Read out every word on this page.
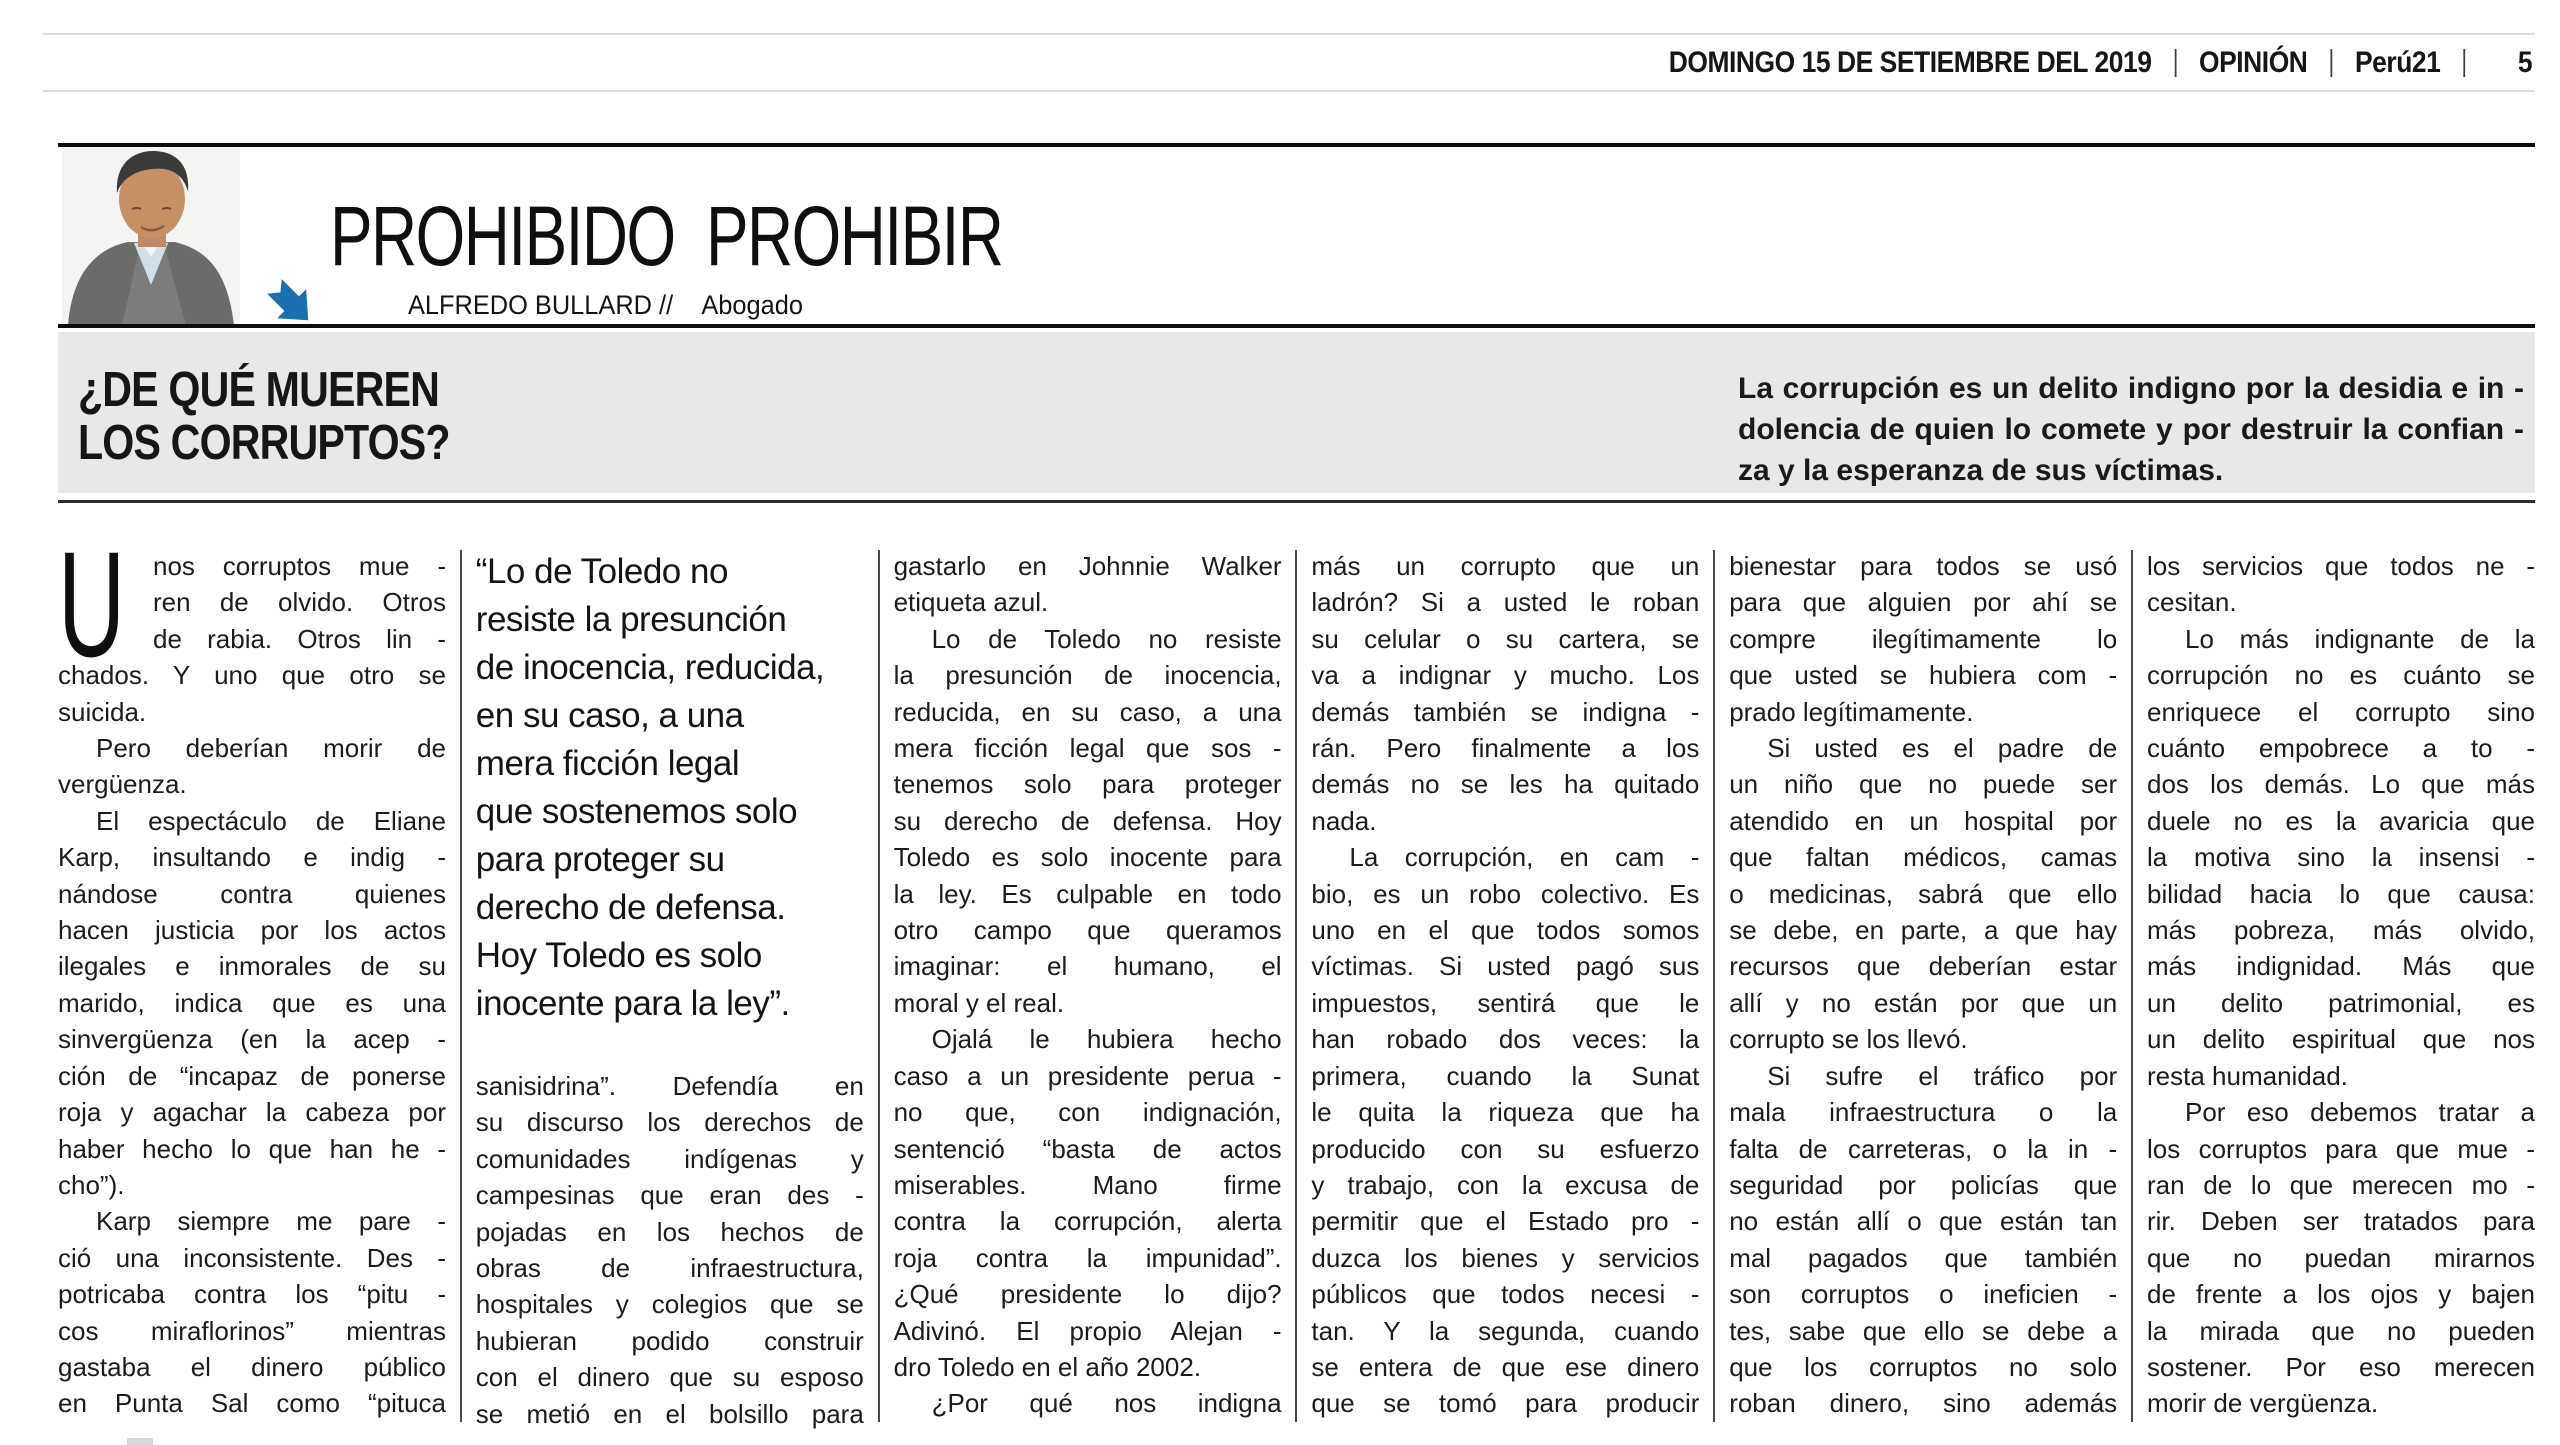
DOMINGO 15 DE SETIEMBRE DEL 2019 OPINIÓN Perú21	5
PROHIBIDO PROHIBIR
ALFREDO BULLARD // Abogado
¿DE QUÉ MUEREN
LOS CORRUPTOS?
La corrupción es un delito indigno por la desidia e in -
dolencia de quien lo comete y por destruir la confian -
za y la esperanza de sus víctimas.
U nos corruptos mue -
ren de olvido. Otros
de rabia. Otros lin -
chados. Y uno que otro se
suicida.
Pero deberían morir de
vergüenza.
El espectáculo de Eliane
Karp, insultando e indig -
nándose contra quienes
hacen justicia por los actos
ilegales e inmorales de su
marido, indica que es una
sinvergüenza (en la acep -
ción de “incapaz de ponerse
roja y agachar la cabeza por
haber hecho lo que han he -
cho”).
Karp siempre me pare -
ció una inconsistente. Des -
potricaba contra los “pitu -
cos miraflorinos” mientras
gastaba el dinero público
en Punta Sal como “pituca
“Lo de Toledo no
resiste la presunción
de inocencia, reducida,
en su caso, a una
mera ficción legal
que sostenemos solo
para proteger su
derecho de defensa.
Hoy Toledo es solo
inocente para la ley”.
sanisidrina”. Defendía en
su discurso los derechos de
comunidades indígenas y
campesinas que eran des -
pojadas en los hechos de
obras de infraestructura,
hospitales y colegios que se
hubieran podido construir
con el dinero que su esposo
se metió en el bolsillo para
gastarlo en Johnnie Walker
etiqueta azul.
Lo de Toledo no resiste
la presunción de inocencia,
reducida, en su caso, a una
mera ficción legal que sos -
tenemos solo para proteger
su derecho de defensa. Hoy
Toledo es solo inocente para
la ley. Es culpable en todo
otro campo que queramos
imaginar: el humano, el
moral y el real.
Ojalá le hubiera hecho
caso a un presidente perua -
no que, con indignación,
sentenció “basta de actos
miserables. Mano firme
contra la corrupción, alerta
roja contra la impunidad”.
¿Qué presidente lo dijo?
Adivinó. El propio Alejan -
dro Toledo en el año 2002.
¿Por qué nos indigna
más un corrupto que un
ladrón? Si a usted le roban
su celular o su cartera, se
va a indignar y mucho. Los
demás también se indigna -
rán. Pero finalmente a los
demás no se les ha quitado
nada.
La corrupción, en cam -
bio, es un robo colectivo. Es
uno en el que todos somos
víctimas. Si usted pagó sus
impuestos, sentirá que le
han robado dos veces: la
primera, cuando la Sunat
le quita la riqueza que ha
producido con su esfuerzo
y trabajo, con la excusa de
permitir que el Estado pro -
duzca los bienes y servicios
públicos que todos necesi -
tan. Y la segunda, cuando
se entera de que ese dinero
que se tomó para producir
bienestar para todos se usó
para que alguien por ahí se
compre ilegítimamente lo
que usted se hubiera com -
prado legítimamente.
Si usted es el padre de
un niño que no puede ser
atendido en un hospital por
que faltan médicos, camas
o medicinas, sabrá que ello
se debe, en parte, a que hay
recursos que deberían estar
allí y no están por que un
corrupto se los llevó.
Si sufre el tráfico por
mala infraestructura o la
falta de carreteras, o la in -
seguridad por policías que
no están allí o que están tan
mal pagados que también
son corruptos o ineficien -
tes, sabe que ello se debe a
que los corruptos no solo
roban dinero, sino además
los servicios que todos ne -
cesitan.
Lo más indignante de la
corrupción no es cuánto se
enriquece el corrupto sino
cuánto empobrece a to -
dos los demás. Lo que más
duele no es la avaricia que
la motiva sino la insensi -
bilidad hacia lo que causa:
más pobreza, más olvido,
más indignidad. Más que
un delito patrimonial, es
un delito espiritual que nos
resta humanidad.
Por eso debemos tratar a
los corruptos para que mue -
ran de lo que merecen mo -
rir. Deben ser tratados para
que no puedan mirarnos
de frente a los ojos y bajen
la mirada que no pueden
sostener. Por eso merecen
morir de vergüenza.
